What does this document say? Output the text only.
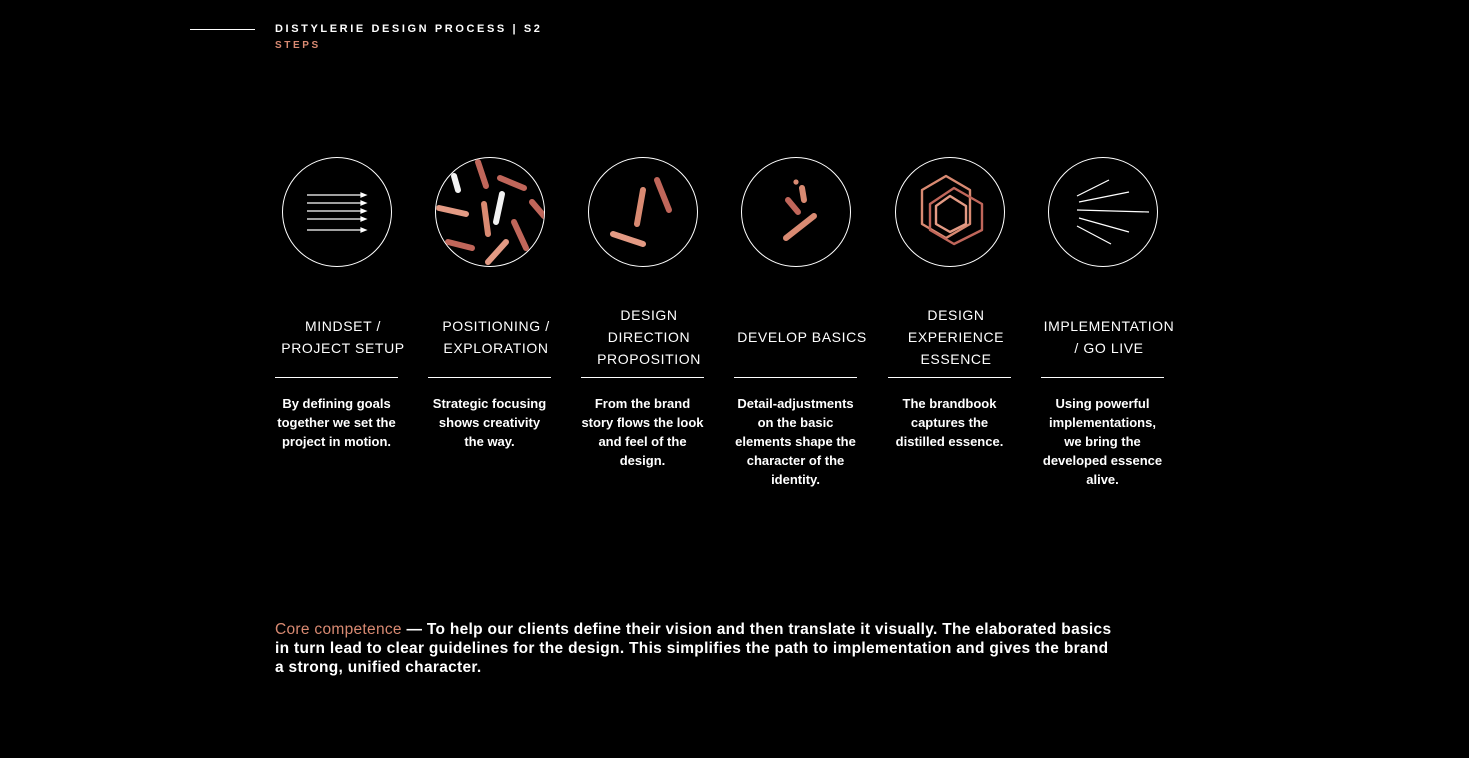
DISTYLERIE DESIGN PROCESS | S2
STEPS
MINDSET /
PROJECT SETUP
By defining goals together we set the project in motion.
POSITIONING /
EXPLORATION
Strategic focusing shows creativity the way.
DESIGN
DIRECTION
PROPOSITION
From the brand story flows the look and feel of the design.
DEVELOP BASICS
Detail-adjustments on the basic elements shape the character of the identity.
DESIGN
EXPERIENCE
ESSENCE
The brandbook captures the distilled essence.
IMPLEMENTATION
/ GO LIVE
Using powerful implementations, we bring the developed essence alive.
Core competence — To help our clients define their vision and then translate it visually. The elaborated basics in turn lead to clear guidelines for the design. This simplifies the path to implementation and gives the brand a strong, unified character.
